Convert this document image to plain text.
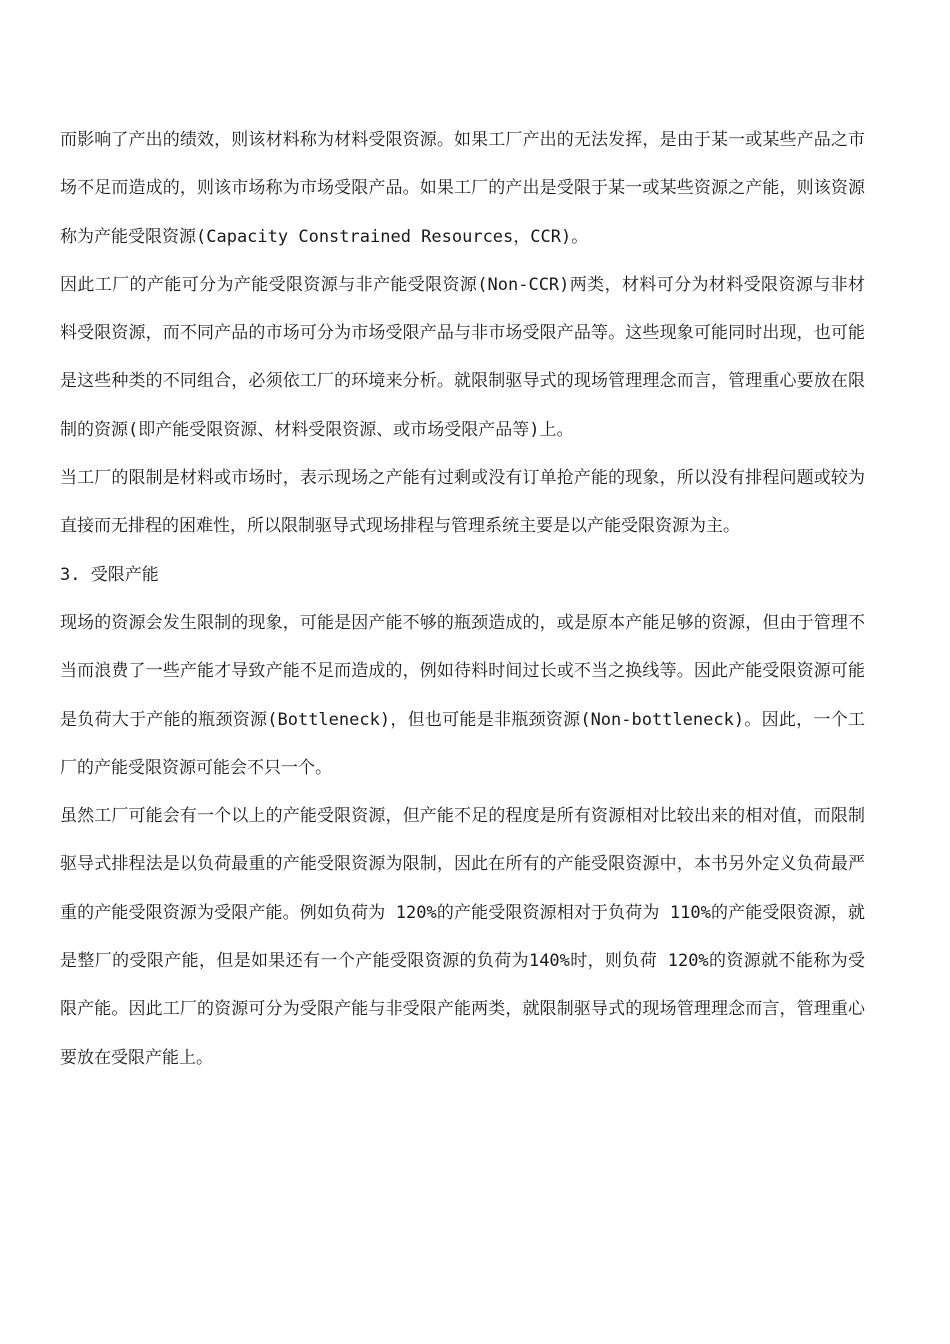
而影响了产出的绩效，则该材料称为材料受限资源。如果工厂产出的无法发挥，是由于某一或某些产品之市场不足而造成的，则该市场称为市场受限产品。如果工厂的产出是受限于某一或某些资源之产能，则该资源称为产能受限资源(Capacity Constrained Resources，CCR)。

因此工厂的产能可分为产能受限资源与非产能受限资源(Non-CCR)两类，材料可分为材料受限资源与非材料受限资源，而不同产品的市场可分为市场受限产品与非市场受限产品等。这些现象可能同时出现，也可能是这些种类的不同组合，必须依工厂的环境来分析。就限制驱导式的现场管理理念而言，管理重心要放在限制的资源(即产能受限资源、材料受限资源、或市场受限产品等)上。

当工厂的限制是材料或市场时，表示现场之产能有过剩或没有订单抢产能的现象，所以没有排程问题或较为直接而无排程的困难性，所以限制驱导式现场排程与管理系统主要是以产能受限资源为主。

3. 受限产能

现场的资源会发生限制的现象，可能是因产能不够的瓶颈造成的，或是原本产能足够的资源，但由于管理不当而浪费了一些产能才导致产能不足而造成的，例如待料时间过长或不当之换线等。因此产能受限资源可能是负荷大于产能的瓶颈资源(Bottleneck)，但也可能是非瓶颈资源(Non-bottleneck)。因此，一个工厂的产能受限资源可能会不只一个。

虽然工厂可能会有一个以上的产能受限资源，但产能不足的程度是所有资源相对比较出来的相对值，而限制驱导式排程法是以负荷最重的产能受限资源为限制，因此在所有的产能受限资源中，本书另外定义负荷最严重的产能受限资源为受限产能。例如负荷为 120%的产能受限资源相对于负荷为 110%的产能受限资源，就是整厂的受限产能，但是如果还有一个产能受限资源的负荷为140%时，则负荷 120%的资源就不能称为受限产能。因此工厂的资源可分为受限产能与非受限产能两类，就限制驱导式的现场管理理念而言，管理重心要放在受限产能上。
